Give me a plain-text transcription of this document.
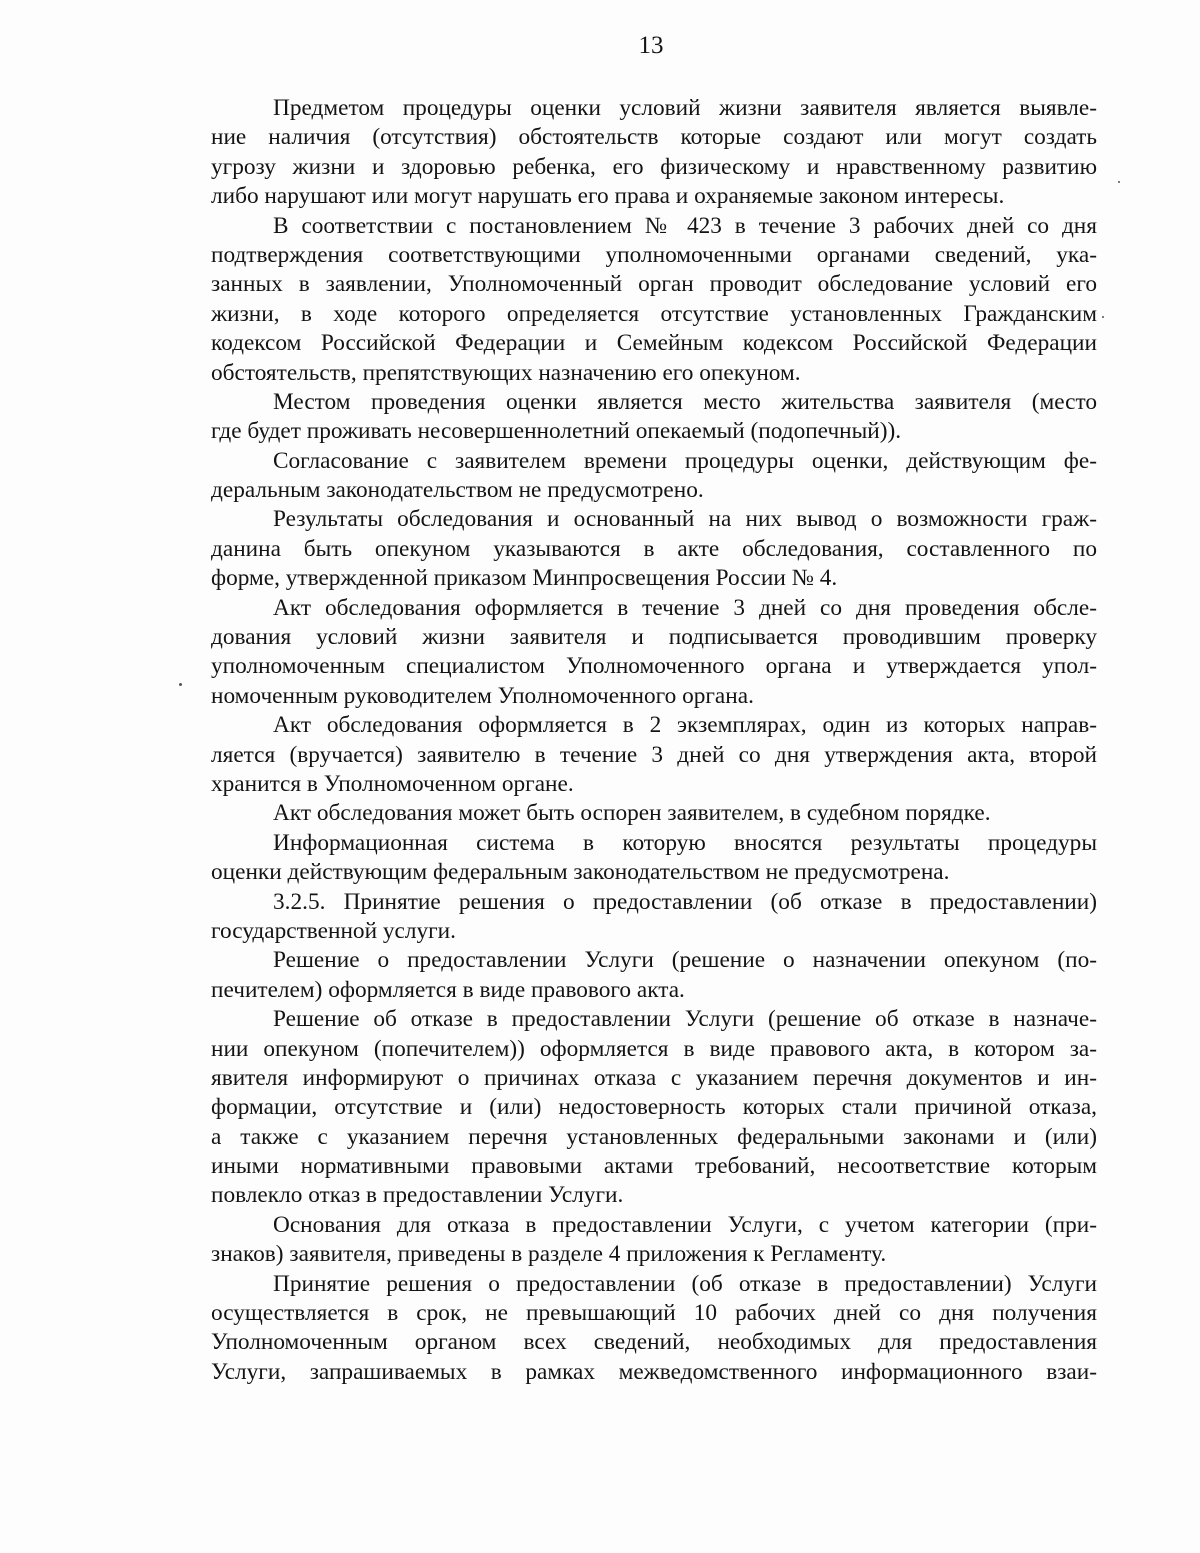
13
Предметом процедуры оценки условий жизни заявителя является выявле-
ние наличия (отсутствия) обстоятельств которые создают или могут создать
угрозу жизни и здоровью ребенка, его физическому и нравственному развитию
либо нарушают или могут нарушать его права и охраняемые законом интересы.
В соответствии с постановлением № 423 в течение 3 рабочих дней со дня
подтверждения соответствующими уполномоченными органами сведений, ука-
занных в заявлении, Уполномоченный орган проводит обследование условий его
жизни, в ходе которого определяется отсутствие установленных Гражданским
кодексом Российской Федерации и Семейным кодексом Российской Федерации
обстоятельств, препятствующих назначению его опекуном.
Местом проведения оценки является место жительства заявителя (место
где будет проживать несовершеннолетний опекаемый (подопечный)).
Согласование с заявителем времени процедуры оценки, действующим фе-
деральным законодательством не предусмотрено.
Результаты обследования и основанный на них вывод о возможности граж-
данина быть опекуном указываются в акте обследования, составленного по
форме, утвержденной приказом Минпросвещения России № 4.
Акт обследования оформляется в течение 3 дней со дня проведения обсле-
дования условий жизни заявителя и подписывается проводившим проверку
уполномоченным специалистом Уполномоченного органа и утверждается упол-
номоченным руководителем Уполномоченного органа.
Акт обследования оформляется в 2 экземплярах, один из которых направ-
ляется (вручается) заявителю в течение 3 дней со дня утверждения акта, второй
хранится в Уполномоченном органе.
Акт обследования может быть оспорен заявителем, в судебном порядке.
Информационная система в которую вносятся результаты процедуры
оценки действующим федеральным законодательством не предусмотрена.
3.2.5. Принятие решения о предоставлении (об отказе в предоставлении)
государственной услуги.
Решение о предоставлении Услуги (решение о назначении опекуном (по-
печителем) оформляется в виде правового акта.
Решение об отказе в предоставлении Услуги (решение об отказе в назначе-
нии опекуном (попечителем)) оформляется в виде правового акта, в котором за-
явителя информируют о причинах отказа с указанием перечня документов и ин-
формации, отсутствие и (или) недостоверность которых стали причиной отказа,
а также с указанием перечня установленных федеральными законами и (или)
иными нормативными правовыми актами требований, несоответствие которым
повлекло отказ в предоставлении Услуги.
Основания для отказа в предоставлении Услуги, с учетом категории (при-
знаков) заявителя, приведены в разделе 4 приложения к Регламенту.
Принятие решения о предоставлении (об отказе в предоставлении) Услуги
осуществляется в срок, не превышающий 10 рабочих дней со дня получения
Уполномоченным органом всех сведений, необходимых для предоставления
Услуги, запрашиваемых в рамках межведомственного информационного взаи-
